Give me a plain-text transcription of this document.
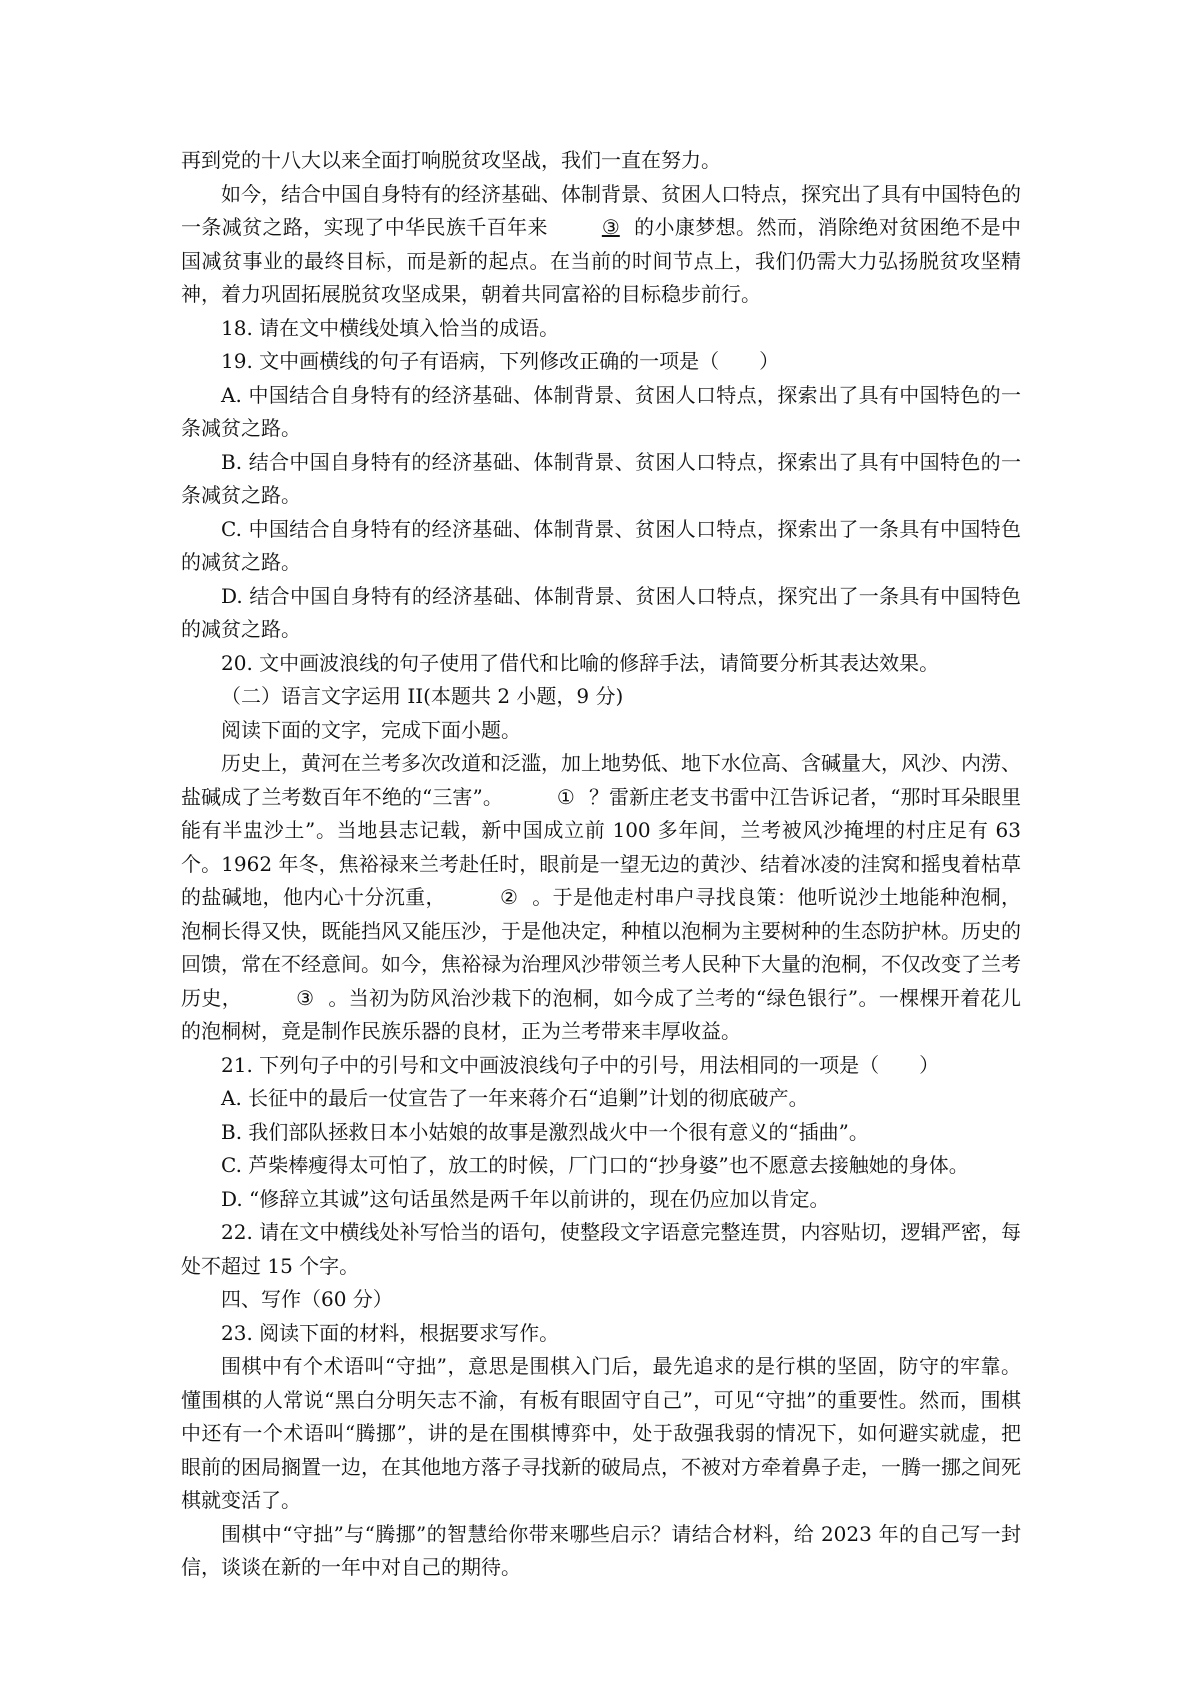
再到党的十八大以来全面打响脱贫攻坚战，我们一直在努力。

如今，结合中国自身特有的经济基础、体制背景、贫困人口特点，探究出了具有中国特色的一条减贫之路，实现了中华民族千百年来	③ 的小康梦想。然而，消除绝对贫困绝不是中国减贫事业的最终目标，而是新的起点。在当前的时间节点上，我们仍需大力弘扬脱贫攻坚精神，着力巩固拓展脱贫攻坚成果，朝着共同富裕的目标稳步前行。

18. 请在文中横线处填入恰当的成语。

19. 文中画横线的句子有语病，下列修改正确的一项是（　　）

A. 中国结合自身特有的经济基础、体制背景、贫困人口特点，探索出了具有中国特色的一条减贫之路。

B. 结合中国自身特有的经济基础、体制背景、贫困人口特点，探索出了具有中国特色的一条减贫之路。

C. 中国结合自身特有的经济基础、体制背景、贫困人口特点，探索出了一条具有中国特色的减贫之路。

D. 结合中国自身特有的经济基础、体制背景、贫困人口特点，探究出了一条具有中国特色的减贫之路。

20. 文中画波浪线的句子使用了借代和比喻的修辞手法，请简要分析其表达效果。

（二）语言文字运用 II(本题共 2 小题，9 分)

阅读下面的文字，完成下面小题。

历史上，黄河在兰考多次改道和泛滥，加上地势低、地下水位高、含碱量大，风沙、内涝、盐碱成了兰考数百年不绝的“三害”。	① ？雷新庄老支书雷中江告诉记者，“那时耳朵眼里能有半盅沙土”。当地县志记载，新中国成立前 100 多年间，兰考被风沙掩埋的村庄足有 63 个。1962 年冬，焦裕禄来兰考赴任时，眼前是一望无边的黄沙、结着冰凌的洼窝和摇曳着枯草的盐碱地，他内心十分沉重，	② 。于是他走村串户寻找良策：他听说沙土地能种泡桐，泡桐长得又快，既能挡风又能压沙，于是他决定，种植以泡桐为主要树种的生态防护林。历史的回馈，常在不经意间。如今，焦裕禄为治理风沙带领兰考人民种下大量的泡桐，不仅改变了兰考历史，	③ 。当初为防风治沙栽下的泡桐，如今成了兰考的“绿色银行”。一棵棵开着花儿的泡桐树，竟是制作民族乐器的良材，正为兰考带来丰厚收益。

21. 下列句子中的引号和文中画波浪线句子中的引号，用法相同的一项是（　　）

A. 长征中的最后一仗宣告了一年来蒋介石“追剿”计划的彻底破产。

B. 我们部队拯救日本小姑娘的故事是激烈战火中一个很有意义的“插曲”。

C. 芦柴棒瘦得太可怕了，放工的时候，厂门口的“抄身婆”也不愿意去接触她的身体。

D. “修辞立其诚”这句话虽然是两千年以前讲的，现在仍应加以肯定。

22. 请在文中横线处补写恰当的语句，使整段文字语意完整连贯，内容贴切，逻辑严密，每处不超过 15 个字。

四、写作（60 分）

23. 阅读下面的材料，根据要求写作。

围棋中有个术语叫“守拙”，意思是围棋入门后，最先追求的是行棋的坚固，防守的牢靠。懂围棋的人常说“黑白分明矢志不渝，有板有眼固守自己”，可见“守拙”的重要性。然而，围棋中还有一个术语叫“腾挪”，讲的是在围棋博弈中，处于敌强我弱的情况下，如何避实就虚，把眼前的困局搁置一边，在其他地方落子寻找新的破局点，不被对方牵着鼻子走，一腾一挪之间死棋就变活了。

围棋中“守拙”与“腾挪”的智慧给你带来哪些启示？请结合材料，给 2023 年的自己写一封信，谈谈在新的一年中对自己的期待。
